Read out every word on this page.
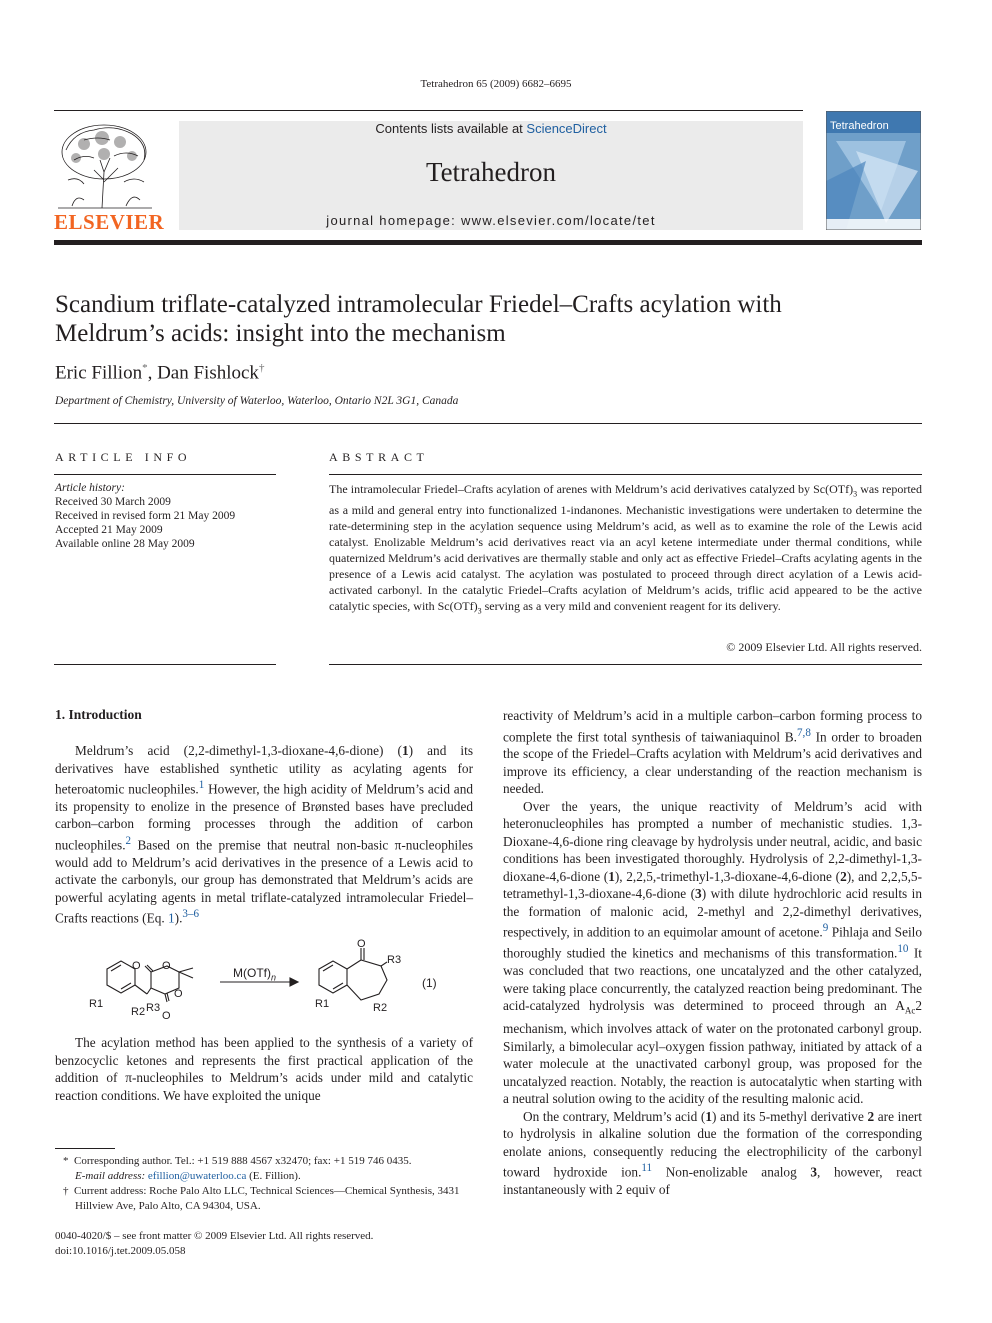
Tetrahedron 65 (2009) 6682–6695
ELSEVIER
Contents lists available at ScienceDirect
Tetrahedron
journal homepage: www.elsevier.com/locate/tet
Tetrahedron
Scandium triflate-catalyzed intramolecular Friedel–Crafts acylation with Meldrum’s acids: insight into the mechanism
Eric Fillion*, Dan Fishlock†
Department of Chemistry, University of Waterloo, Waterloo, Ontario N2L 3G1, Canada
ARTICLE INFO
Article history:
Received 30 March 2009
Received in revised form 21 May 2009
Accepted 21 May 2009
Available online 28 May 2009
ABSTRACT
The intramolecular Friedel–Crafts acylation of arenes with Meldrum’s acid derivatives catalyzed by $Sc(OTf)_3$ was reported as a mild and general entry into functionalized 1-indanones. Mechanistic investigations were undertaken to determine the rate-determining step in the acylation sequence using Meldrum’s acid, as well as to examine the role of the Lewis acid catalyst. Enolizable Meldrum’s acid derivatives react via an acyl ketene intermediate under thermal conditions, while quaternized Meldrum’s acid derivatives are thermally stable and only act as effective Friedel–Crafts acylating agents in the presence of a Lewis acid catalyst. The acylation was postulated to proceed through direct acylation of a Lewis acid-activated carbonyl. In the catalytic Friedel–Crafts acylation of Meldrum’s acids, triflic acid appeared to be the active catalytic species, with $Sc(OTf)_3$ serving as a very mild and convenient reagent for its delivery.
© 2009 Elsevier Ltd. All rights reserved.
1. Introduction

Meldrum’s acid (2,2-dimethyl-1,3-dioxane-4,6-dione) (1) and its derivatives have established synthetic utility as acylating agents for heteroatomic nucleophiles.$^1$ However, the high acidity of Meldrum’s acid and its propensity to enolize in the presence of Brønsted bases have precluded carbon–carbon forming processes through the addition of carbon nucleophiles.$^2$ Based on the premise that neutral non-basic π-nucleophiles would add to Meldrum’s acid derivatives in the presence of a Lewis acid to activate the carbonyls, our group has demonstrated that Meldrum’s acids are powerful acylating agents in metal triflate-catalyzed intramolecular Friedel–Crafts reactions (Eq. 1).$^{3-6}$

O O
O
O
R1
R2 R3
O
R3
R1	R2
$M(OTf)_n$	(1)

The acylation method has been applied to the synthesis of a variety of benzocyclic ketones and represents the first practical application of the addition of π-nucleophiles to Meldrum’s acids under mild and catalytic reaction conditions. We have exploited the unique

* Corresponding author. Tel.: +1 519 888 4567 x32470; fax: +1 519 746 0435.
E-mail address: efillion@uwaterloo.ca (E. Fillion).
† Current address: Roche Palo Alto LLC, Technical Sciences—Chemical Synthesis, 3431 Hillview Ave, Palo Alto, CA 94304, USA.
0040-4020/$ – see front matter © 2009 Elsevier Ltd. All rights reserved.
doi:10.1016/j.tet.2009.05.058

reactivity of Meldrum’s acid in a multiple carbon–carbon forming process to complete the first total synthesis of taiwaniaquinol B.$^{7,8}$ In order to broaden the scope of the Friedel–Crafts acylation with Meldrum’s acid derivatives and improve its efficiency, a clear understanding of the reaction mechanism is needed.

Over the years, the unique reactivity of Meldrum’s acid with heteronucleophiles has prompted a number of mechanistic studies. 1,3-Dioxane-4,6-dione ring cleavage by hydrolysis under neutral, acidic, and basic conditions has been investigated thoroughly. Hydrolysis of 2,2-dimethyl-1,3-dioxane-4,6-dione (1), 2,2,5,-trimethyl-1,3-dioxane-4,6-dione (2), and 2,2,5,5-tetramethyl-1,3-dioxane-4,6-dione (3) with dilute hydrochloric acid results in the formation of malonic acid, 2-methyl and 2,2-dimethyl derivatives, respectively, in addition to an equimolar amount of acetone.$^9$ Pihlaja and Seilo thoroughly studied the kinetics and mechanisms of this transformation.$^{10}$ It was concluded that two reactions, one uncatalyzed and the other catalyzed, were taking place concurrently, the catalyzed reaction being predominant. The acid-catalyzed hydrolysis was determined to proceed through an $A_{Ac}2$ mechanism, which involves attack of water on the protonated carbonyl group. Similarly, a bimolecular acyl–oxygen fission pathway, initiated by attack of a water molecule at the unactivated carbonyl group, was proposed for the uncatalyzed reaction. Notably, the reaction is autocatalytic when starting with a neutral solution owing to the acidity of the resulting malonic acid.

On the contrary, Meldrum’s acid (1) and its 5-methyl derivative 2 are inert to hydrolysis in alkaline solution due the formation of the corresponding enolate anions, consequently reducing the electrophilicity of the carbonyl toward hydroxide ion.$^{11}$ Non-enolizable analog 3, however, react instantaneously with 2 equiv of
